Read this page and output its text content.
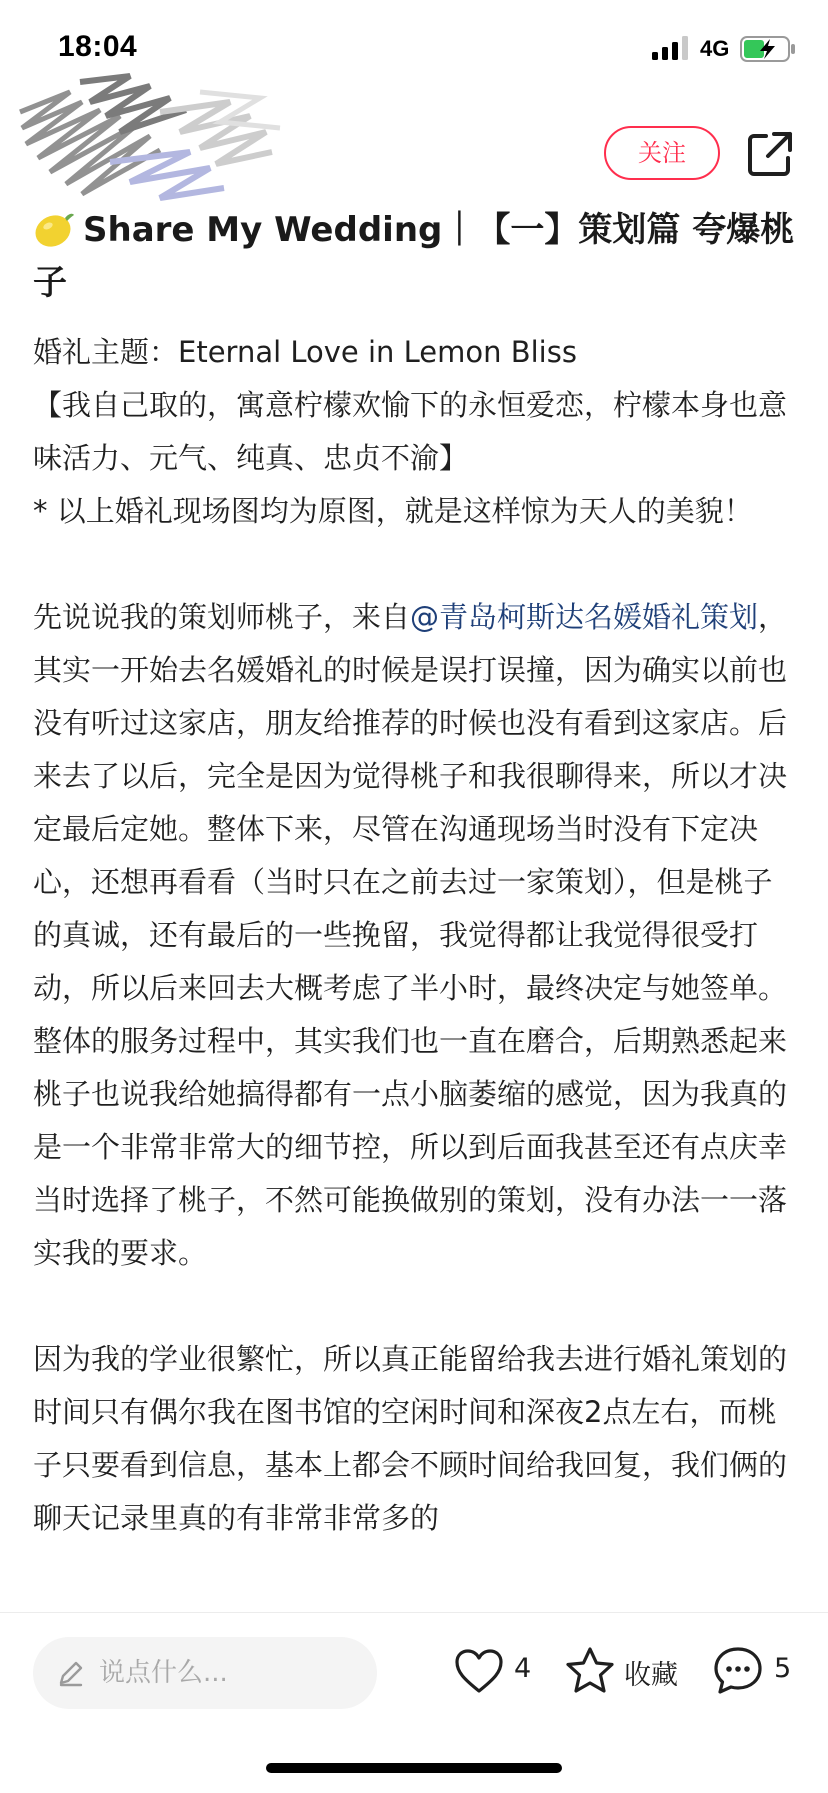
18:04	4G
关注
Share My Wedding｜【一】策划篇 夸爆桃子

婚礼主题：Eternal Love in Lemon Bliss

【我自己取的，寓意柠檬欢愉下的永恒爱恋，柠檬本身也意味活力、元气、纯真、忠贞不渝】

* 以上婚礼现场图均为原图，就是这样惊为天人的美貌！

先说说我的策划师桃子，来自@青岛柯斯达名媛婚礼策划，其实一开始去名媛婚礼的时候是误打误撞，因为确实以前也没有听过这家店，朋友给推荐的时候也没有看到这家店。后来去了以后，完全是因为觉得桃子和我很聊得来，所以才决定最后定她。整体下来，尽管在沟通现场当时没有下定决心，还想再看看（当时只在之前去过一家策划），但是桃子的真诚，还有最后的一些挽留，我觉得都让我觉得很受打动，所以后来回去大概考虑了半小时，最终决定与她签单。整体的服务过程中，其实我们也一直在磨合，后期熟悉起来桃子也说我给她搞得都有一点小脑萎缩的感觉，因为我真的是一个非常非常大的细节控，所以到后面我甚至还有点庆幸当时选择了桃子，不然可能换做别的策划，没有办法一一落实我的要求。

因为我的学业很繁忙，所以真正能留给我去进行婚礼策划的时间只有偶尔我在图书馆的空闲时间和深夜2点左右，而桃子只要看到信息，基本上都会不顾时间给我回复，我们俩的聊天记录里真的有非常非常多的

说点什么...	4	收藏	5
